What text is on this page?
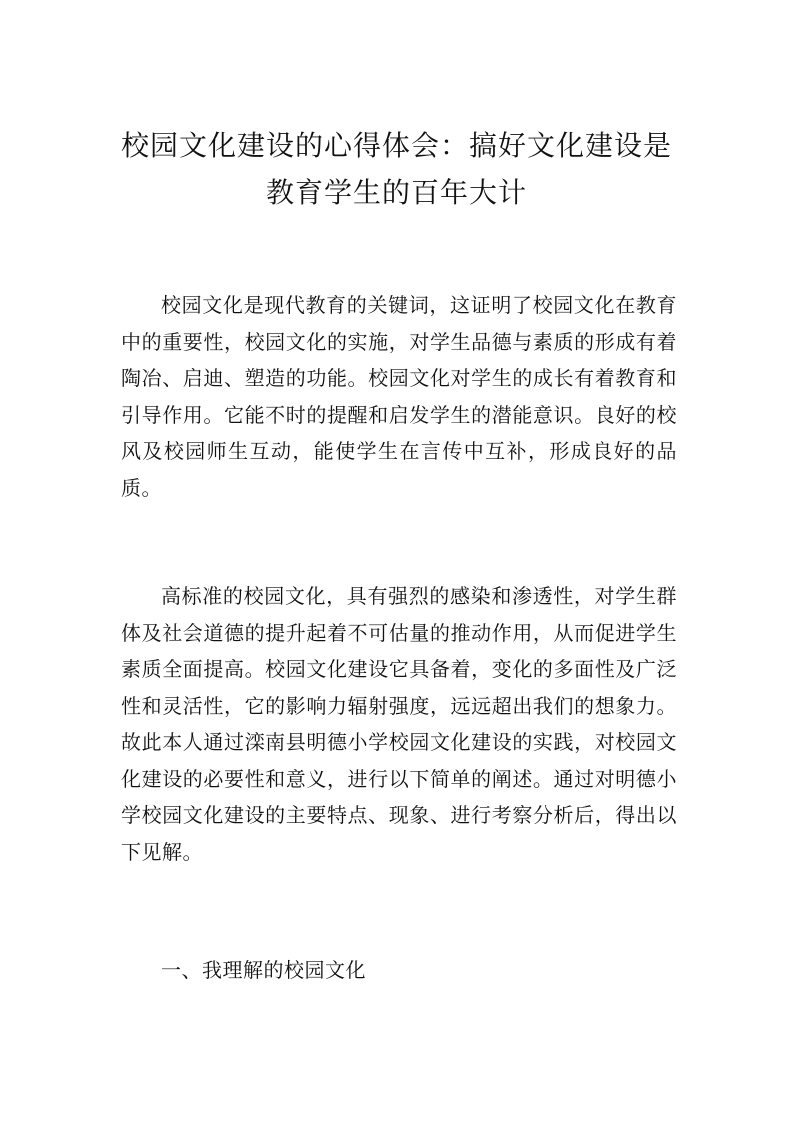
校园文化建设的心得体会：搞好文化建设是
教育学生的百年大计

校园文化是现代教育的关键词，这证明了校园文化在教育中的重要性，校园文化的实施，对学生品德与素质的形成有着陶冶、启迪、塑造的功能。校园文化对学生的成长有着教育和引导作用。它能不时的提醒和启发学生的潜能意识。良好的校风及校园师生互动，能使学生在言传中互补，形成良好的品质。

高标准的校园文化，具有强烈的感染和渗透性，对学生群体及社会道德的提升起着不可估量的推动作用，从而促进学生素质全面提高。校园文化建设它具备着，变化的多面性及广泛性和灵活性，它的影响力辐射强度，远远超出我们的想象力。故此本人通过滦南县明德小学校园文化建设的实践，对校园文化建设的必要性和意义，进行以下简单的阐述。通过对明德小学校园文化建设的主要特点、现象、进行考察分析后，得出以下见解。

一、我理解的校园文化
